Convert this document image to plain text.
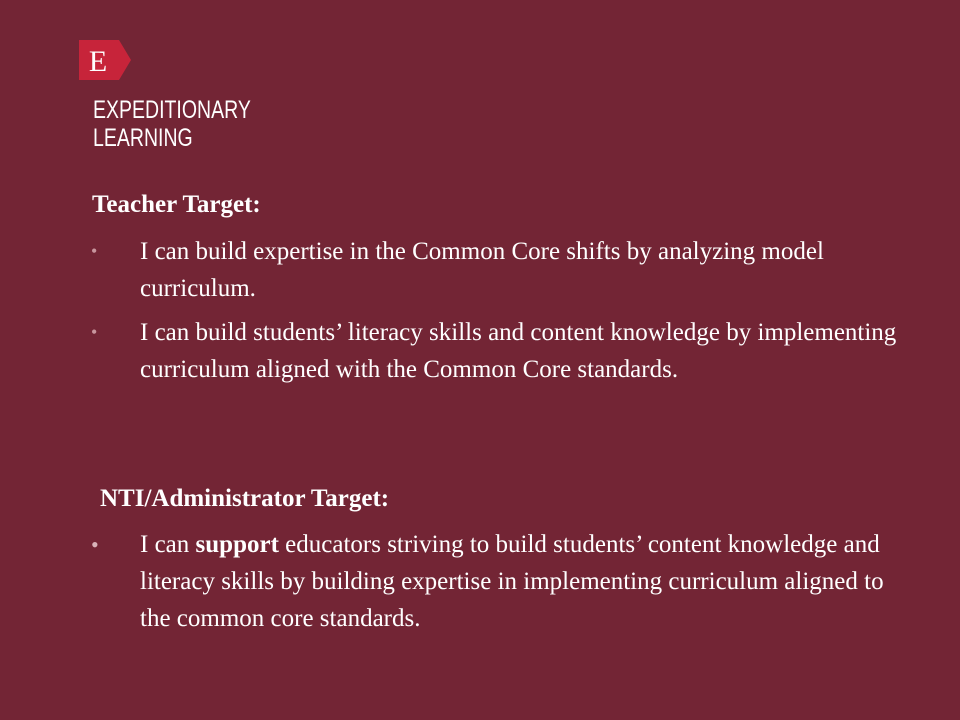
E
EXPEDITIONARY
LEARNING
Teacher Target:
• I can build expertise in the Common Core shifts by analyzing model curriculum.
• I can build students’ literacy skills and content knowledge by implementing curriculum aligned with the Common Core standards.
NTI/Administrator Target:
• I can support educators striving to build students’ content knowledge and literacy skills by building expertise in implementing curriculum aligned to the common core standards.
